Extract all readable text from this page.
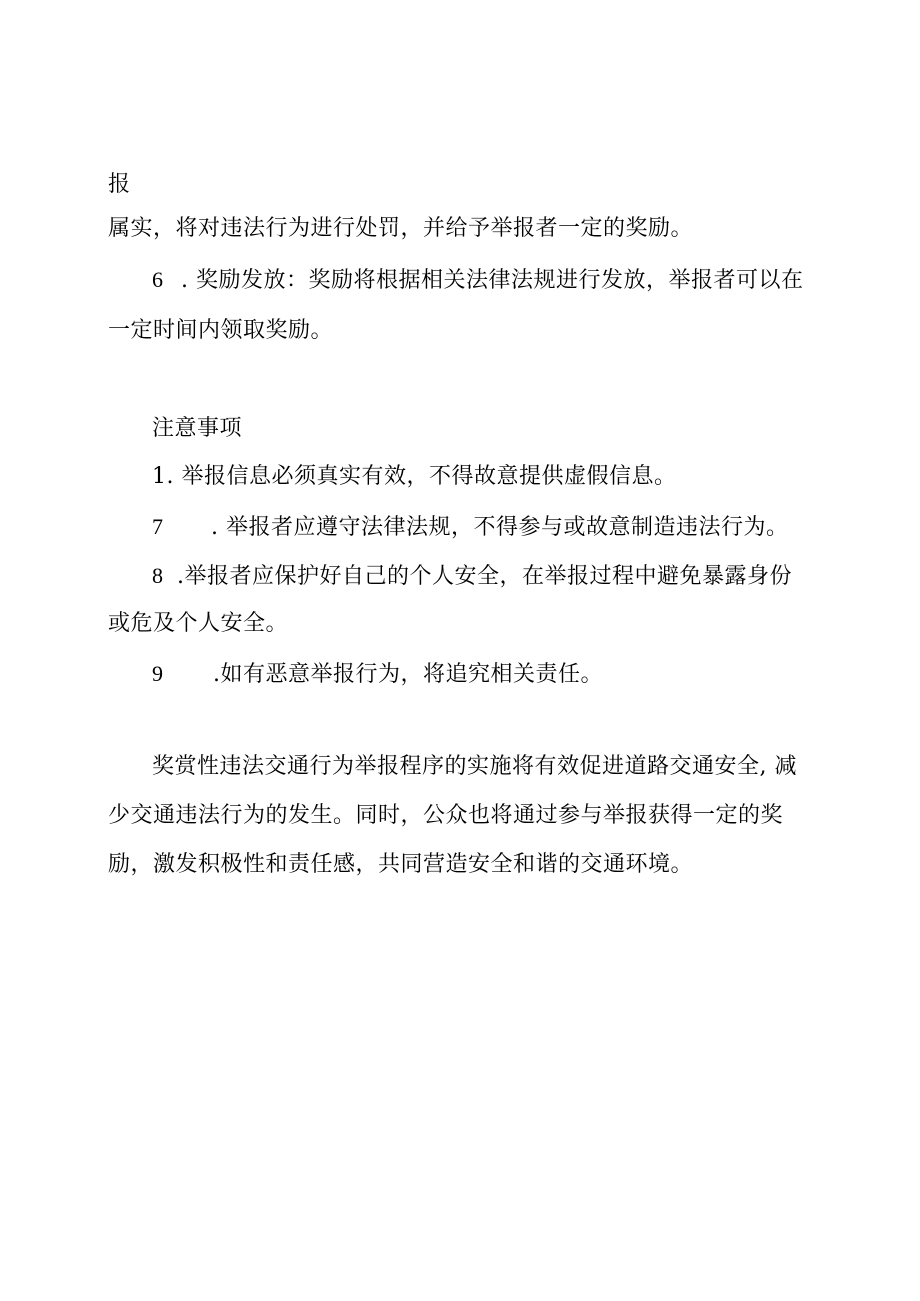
报
属实，将对违法行为进行处罚，并给予举报者一定的奖励。
6 . 奖励发放：奖励将根据相关法律法规进行发放，举报者可以在
一定时间内领取奖励。
注意事项
1. 举报信息必须真实有效，不得故意提供虚假信息。
7 . 举报者应遵守法律法规，不得参与或故意制造违法行为。
8 .举报者应保护好自己的个人安全，在举报过程中避免暴露身份
或危及个人安全。
9 .如有恶意举报行为，将追究相关责任。
奖赏性违法交通行为举报程序的实施将有效促进道路交通安全, 减
少交通违法行为的发生。同时，公众也将通过参与举报获得一定的奖
励，激发积极性和责任感，共同营造安全和谐的交通环境。
